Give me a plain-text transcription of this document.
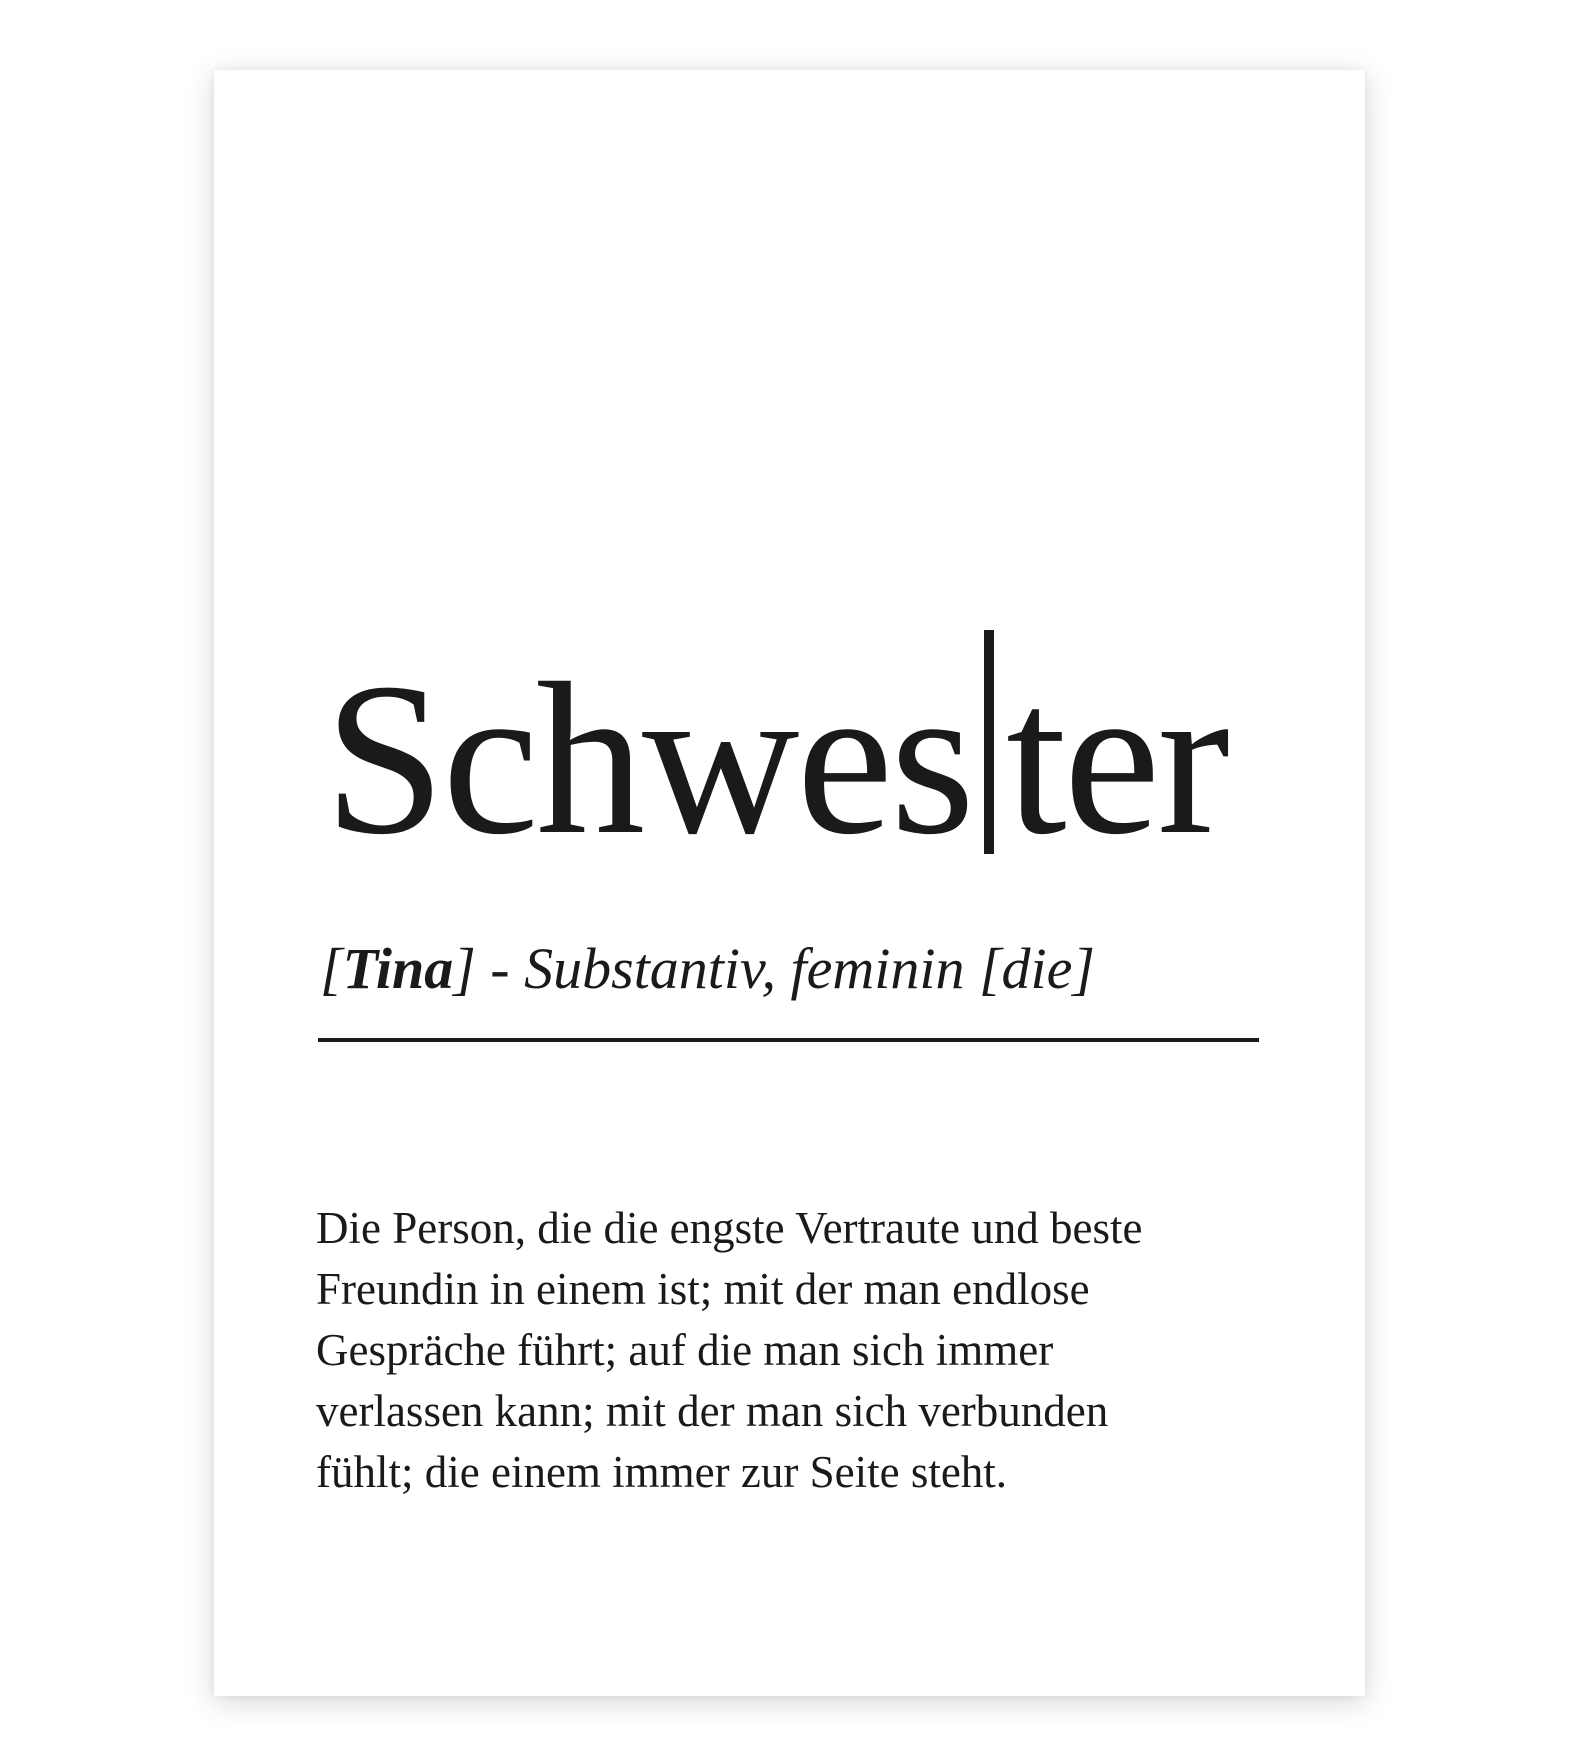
Schwes ter
[Tina] - Substantiv, feminin [die]
Die Person, die die engste Vertraute und beste
Freundin in einem ist; mit der man endlose
Gespräche führt; auf die man sich immer
verlassen kann; mit der man sich verbunden
fühlt; die einem immer zur Seite steht.
